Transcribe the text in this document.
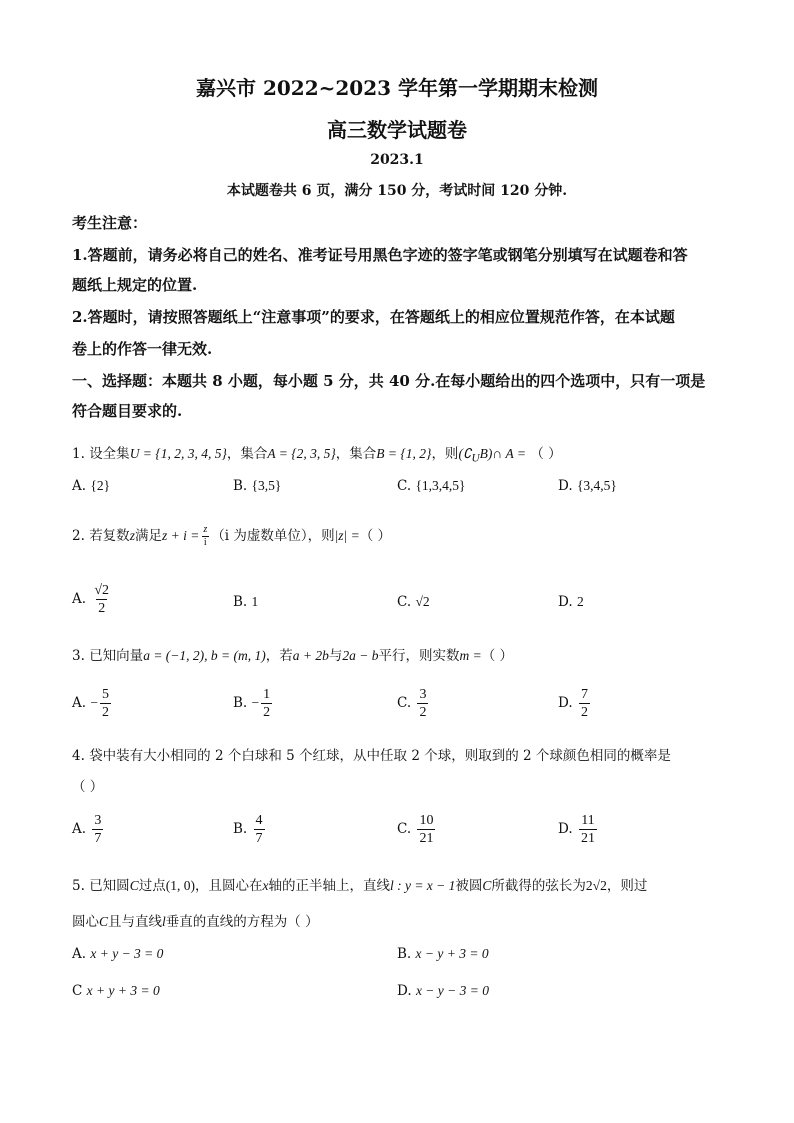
嘉兴市 2022~2023 学年第一学期期末检测
高三数学试题卷
2023.1
本试题卷共 6 页，满分 150 分，考试时间 120 分钟.
考生注意：
1.答题前，请务必将自己的姓名、准考证号用黑色字迹的签字笔或钢笔分别填写在试题卷和答
题纸上规定的位置.
2.答题时，请按照答题纸上“注意事项”的要求，在答题纸上的相应位置规范作答，在本试题
卷上的作答一律无效.
一、选择题：本题共 8 小题，每小题 5 分，共 40 分.在每小题给出的四个选项中，只有一项是
符合题目要求的.
1. 设全集U = {1, 2, 3, 4, 5}，集合A = {2, 3, 5}，集合B = {1, 2}，则$(∁_UB)\cap$ A = （ ）
A. {2}	B. {3,5}	C. {1,3,4,5}	D. {3,4,5}
2. 若复数z满足$z + i = \frac{z}{i} (i$ 为虚数单位），则|z| =（ ）
A. $\frac{√2}{2}$	B. 1	C. √2	D. 2
3. 已知向量a = (−1, 2), b = (m, 1)，若a + 2b与2a − b平行，则实数m =（ ）
A. − $\frac{5}{2}$	B. − $\frac{1}{2}$	C. $\frac{3}{2}$	D. $\frac{7}{2}$
4. 袋中装有大小相同的 2 个白球和 5 个红球，从中任取 2 个球，则取到的 2 个球颜色相同的概率是
（ ）
A. $\frac{3}{7}$	B. $\frac{4}{7}$	C. $\frac{10}{21}$	D. $\frac{11}{21}$
5. 已知圆C过点(1, 0)，且圆心在x轴的正半轴上，直线l : y = x − 1被圆C所截得的弦长为2√2，则过
圆心C且与直线l垂直的直线的方程为（ ）
A. x + y − 3 = 0	B. x − y + 3 = 0
C x + y + 3 = 0	D. x − y − 3 = 0
